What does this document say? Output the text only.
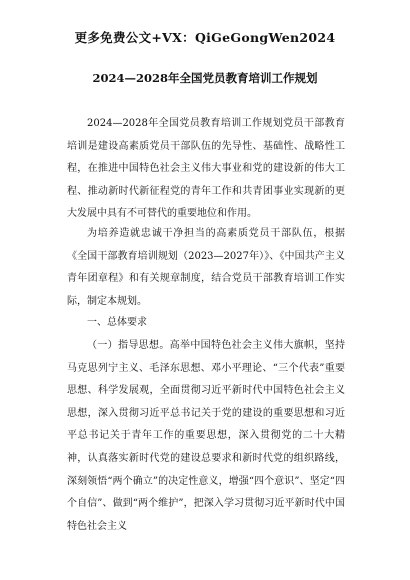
更多免费公文+VX：QiGeGongWen2024
2024—2028年全国党员教育培训工作规划

2024—2028年全国党员教育培训工作规划党员干部教育培训是建设高素质党员干部队伍的先导性、基础性、战略性工程，在推进中国特色社会主义伟大事业和党的建设新的伟大工程、推动新时代新征程党的青年工作和共青团事业实现新的更大发展中具有不可替代的重要地位和作用。

为培养造就忠诚干净担当的高素质党员干部队伍，根据《全国干部教育培训规划（2023—2027年）》、《中国共产主义青年团章程》和有关规章制度，结合党员干部教育培训工作实际，制定本规划。

一、总体要求

（一）指导思想。高举中国特色社会主义伟大旗帜，坚持马克思列宁主义、毛泽东思想、邓小平理论、“三个代表”重要思想、科学发展观，全面贯彻习近平新时代中国特色社会主义思想，深入贯彻习近平总书记关于党的建设的重要思想和习近平总书记关于青年工作的重要思想，深入贯彻党的二十大精神，认真落实新时代党的建设总要求和新时代党的组织路线，深刻领悟“两个确立”的决定性意义，增强“四个意识”、坚定“四个自信”、做到“两个维护”，把深入学习贯彻习近平新时代中国特色社会主义
